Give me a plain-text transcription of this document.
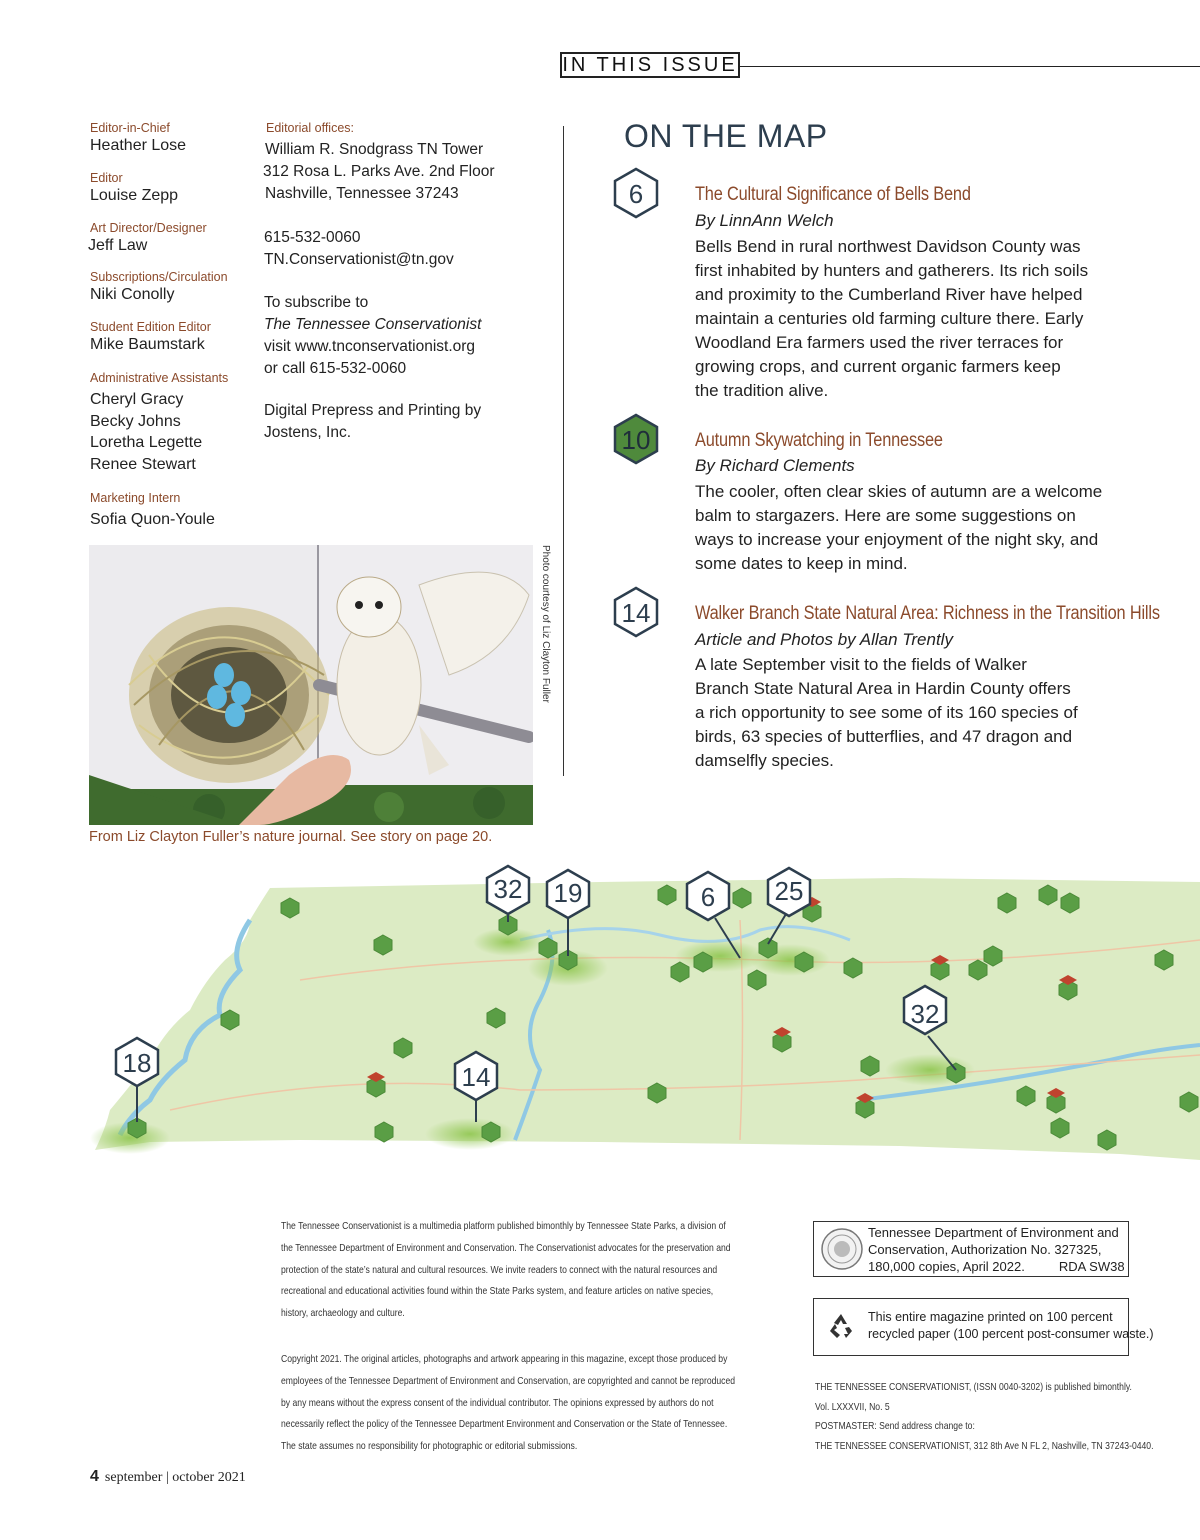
IN THIS ISSUE
Editor-in-Chief
Heather Lose
Editor
Louise Zepp
Art Director/Designer
Jeff Law
Subscriptions/Circulation
Niki Conolly
Student Edition Editor
Mike Baumstark
Administrative Assistants
Cheryl Gracy
Becky Johns
Loretha Legette
Renee Stewart
Marketing Intern
Sofia Quon-Youle
Editorial offices:
William R. Snodgrass TN Tower
312 Rosa L. Parks Ave. 2nd Floor
Nashville, Tennessee 37243
615-532-0060
TN.Conservationist@tn.gov
To subscribe to
The Tennessee Conservationist
visit www.tnconservationist.org
or call 615-532-0060
Digital Prepress and Printing by
Jostens, Inc.
ON THE MAP
6	The Cultural Significance of Bells Bend
By LinnAnn Welch
Bells Bend in rural northwest Davidson County was
first inhabited by hunters and gatherers. Its rich soils
and proximity to the Cumberland River have helped
maintain a centuries old farming culture there. Early
Woodland Era farmers used the river terraces for
growing crops, and current organic farmers keep
the tradition alive.
10 Autumn Skywatching in Tennessee
By Richard Clements
The cooler, often clear skies of autumn are a welcome
balm to stargazers. Here are some suggestions on
ways to increase your enjoyment of the night sky, and
some dates to keep in mind.
14 Walker Branch State Natural Area: Richness in the Transition Hills
Article and Photos by Allan Trently
A late September visit to the fields of Walker
Branch State Natural Area in Hardin County offers
a rich opportunity to see some of its 160 species of
birds, 63 species of butterflies, and 47 dragon and
damselfly species.
Photo courtesy of Liz Clayton Fuller
From Liz Clayton Fuller’s nature journal. See story on page 20.
32 19	6 25
32
18	14

The Tennessee Conservationist is a multimedia platform published bimonthly by Tennessee State Parks, a division of

the Tennessee Department of Environment and Conservation. The Conservationist advocates for the preservation and

protection of the state’s natural and cultural resources. We invite readers to connect with the natural resources and

recreational and educational activities found within the State Parks system, and feature articles on native species,

history, archaeology and culture.

Copyright 2021. The original articles, photographs and artwork appearing in this magazine, except those produced by

employees of the Tennessee Department of Environment and Conservation, are copyrighted and cannot be reproduced

by any means without the express consent of the individual contributor. The opinions expressed by authors do not

necessarily reflect the policy of the Tennessee Department Environment and Conservation or the State of Tennessee.

The state assumes no responsibility for photographic or editorial submissions.

Tennessee Department of Environment and
Conservation, Authorization No. 327325,
180,000 copies, April 2022.	RDA SW38
This entire magazine printed on 100 percent
recycled paper (100 percent post-consumer waste.)
THE TENNESSEE CONSERVATIONIST, (ISSN 0040-3202) is published bimonthly.
Vol. LXXXVII, No. 5
POSTMASTER: Send address change to:
THE TENNESSEE CONSERVATIONIST, 312 8th Ave N FL 2, Nashville, TN 37243-0440.
4 september | october 2021
